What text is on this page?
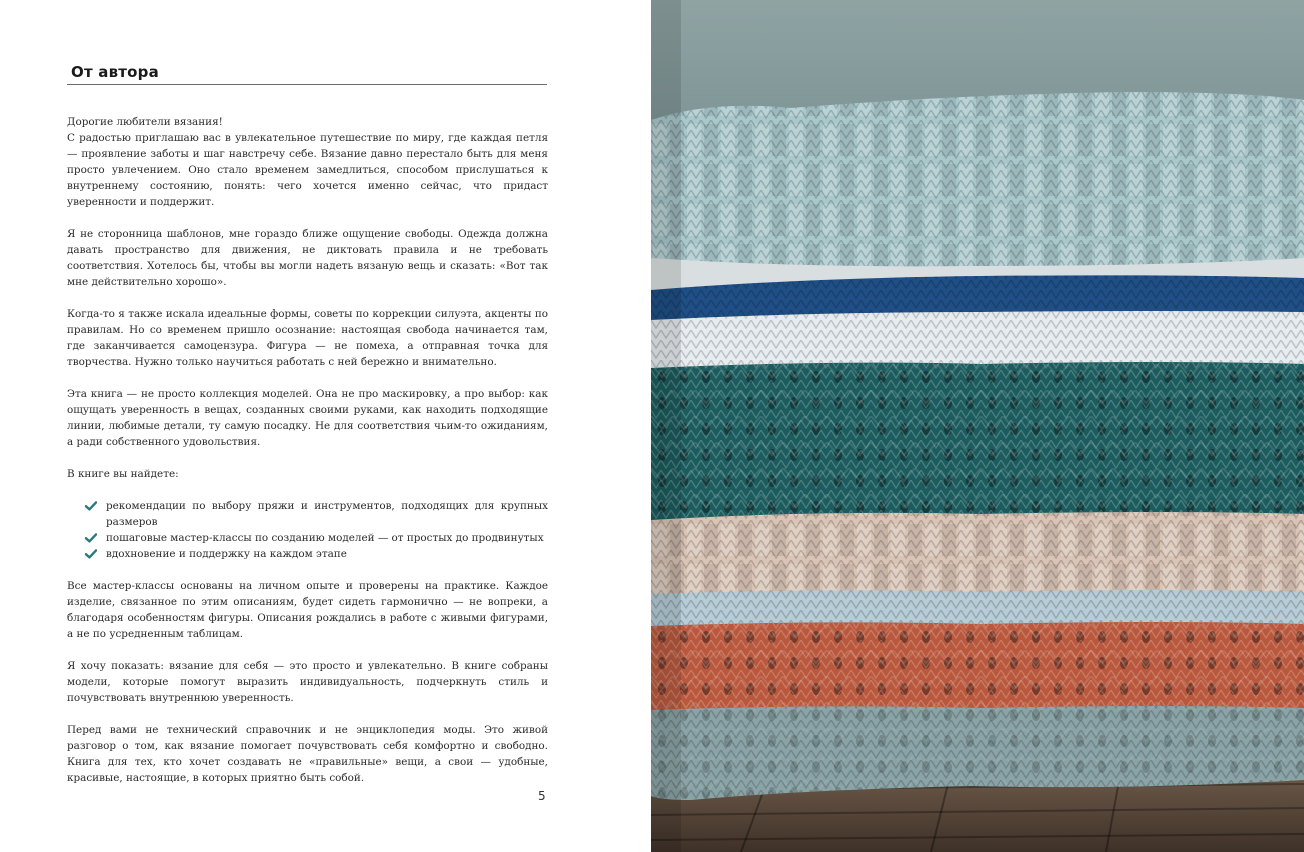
От автора

Дорогие любители вязания!

С радостью приглашаю вас в увлекательное путешествие по миру, где каждая петля — проявление заботы и шаг навстречу себе. Вязание давно перестало быть для меня просто увлечением. Оно стало временем замедлиться, способом прислушаться к внутреннему состоянию, понять: чего хочется именно сейчас, что придаст уверенности и поддержит.

Я не сторонница шаблонов, мне гораздо ближе ощущение свободы. Одежда должна давать пространство для движения, не диктовать правила и не требовать соответствия. Хотелось бы, чтобы вы могли надеть вязаную вещь и сказать: «Вот так мне действительно хорошо».

Когда-то я также искала идеальные формы, советы по коррекции силуэта, акценты по правилам. Но со временем пришло осознание: настоящая свобода начинается там, где заканчивается самоцензура. Фигура — не помеха, а отправная точка для творчества. Нужно только научиться работать с ней бережно и внимательно.

Эта книга — не просто коллекция моделей. Она не про маскировку, а про выбор: как ощущать уверенность в вещах, созданных своими руками, как находить подходящие линии, любимые детали, ту самую посадку. Не для соответствия чьим-то ожиданиям, а ради собственного удовольствия.

В книге вы найдете:

рекомендации по выбору пряжи и инструментов, подходящих для крупных размеров
пошаговые мастер-классы по созданию моделей — от простых до продвинутых
вдохновение и поддержку на каждом этапе

Все мастер-классы основаны на личном опыте и проверены на практике. Каждое изделие, связанное по этим описаниям, будет сидеть гармонично — не вопреки, а благодаря особенностям фигуры. Описания рождались в работе с живыми фигурами, а не по усредненным таблицам.

Я хочу показать: вязание для себя — это просто и увлекательно. В книге собраны модели, которые помогут выразить индивидуальность, подчеркнуть стиль и почувствовать внутреннюю уверенность.

Перед вами не технический справочник и не энциклопедия моды. Это живой разговор о том, как вязание помогает почувствовать себя комфортно и свободно. Книга для тех, кто хочет создавать не «правильные» вещи, а свои — удобные, красивые, настоящие, в которых приятно быть собой.

5
